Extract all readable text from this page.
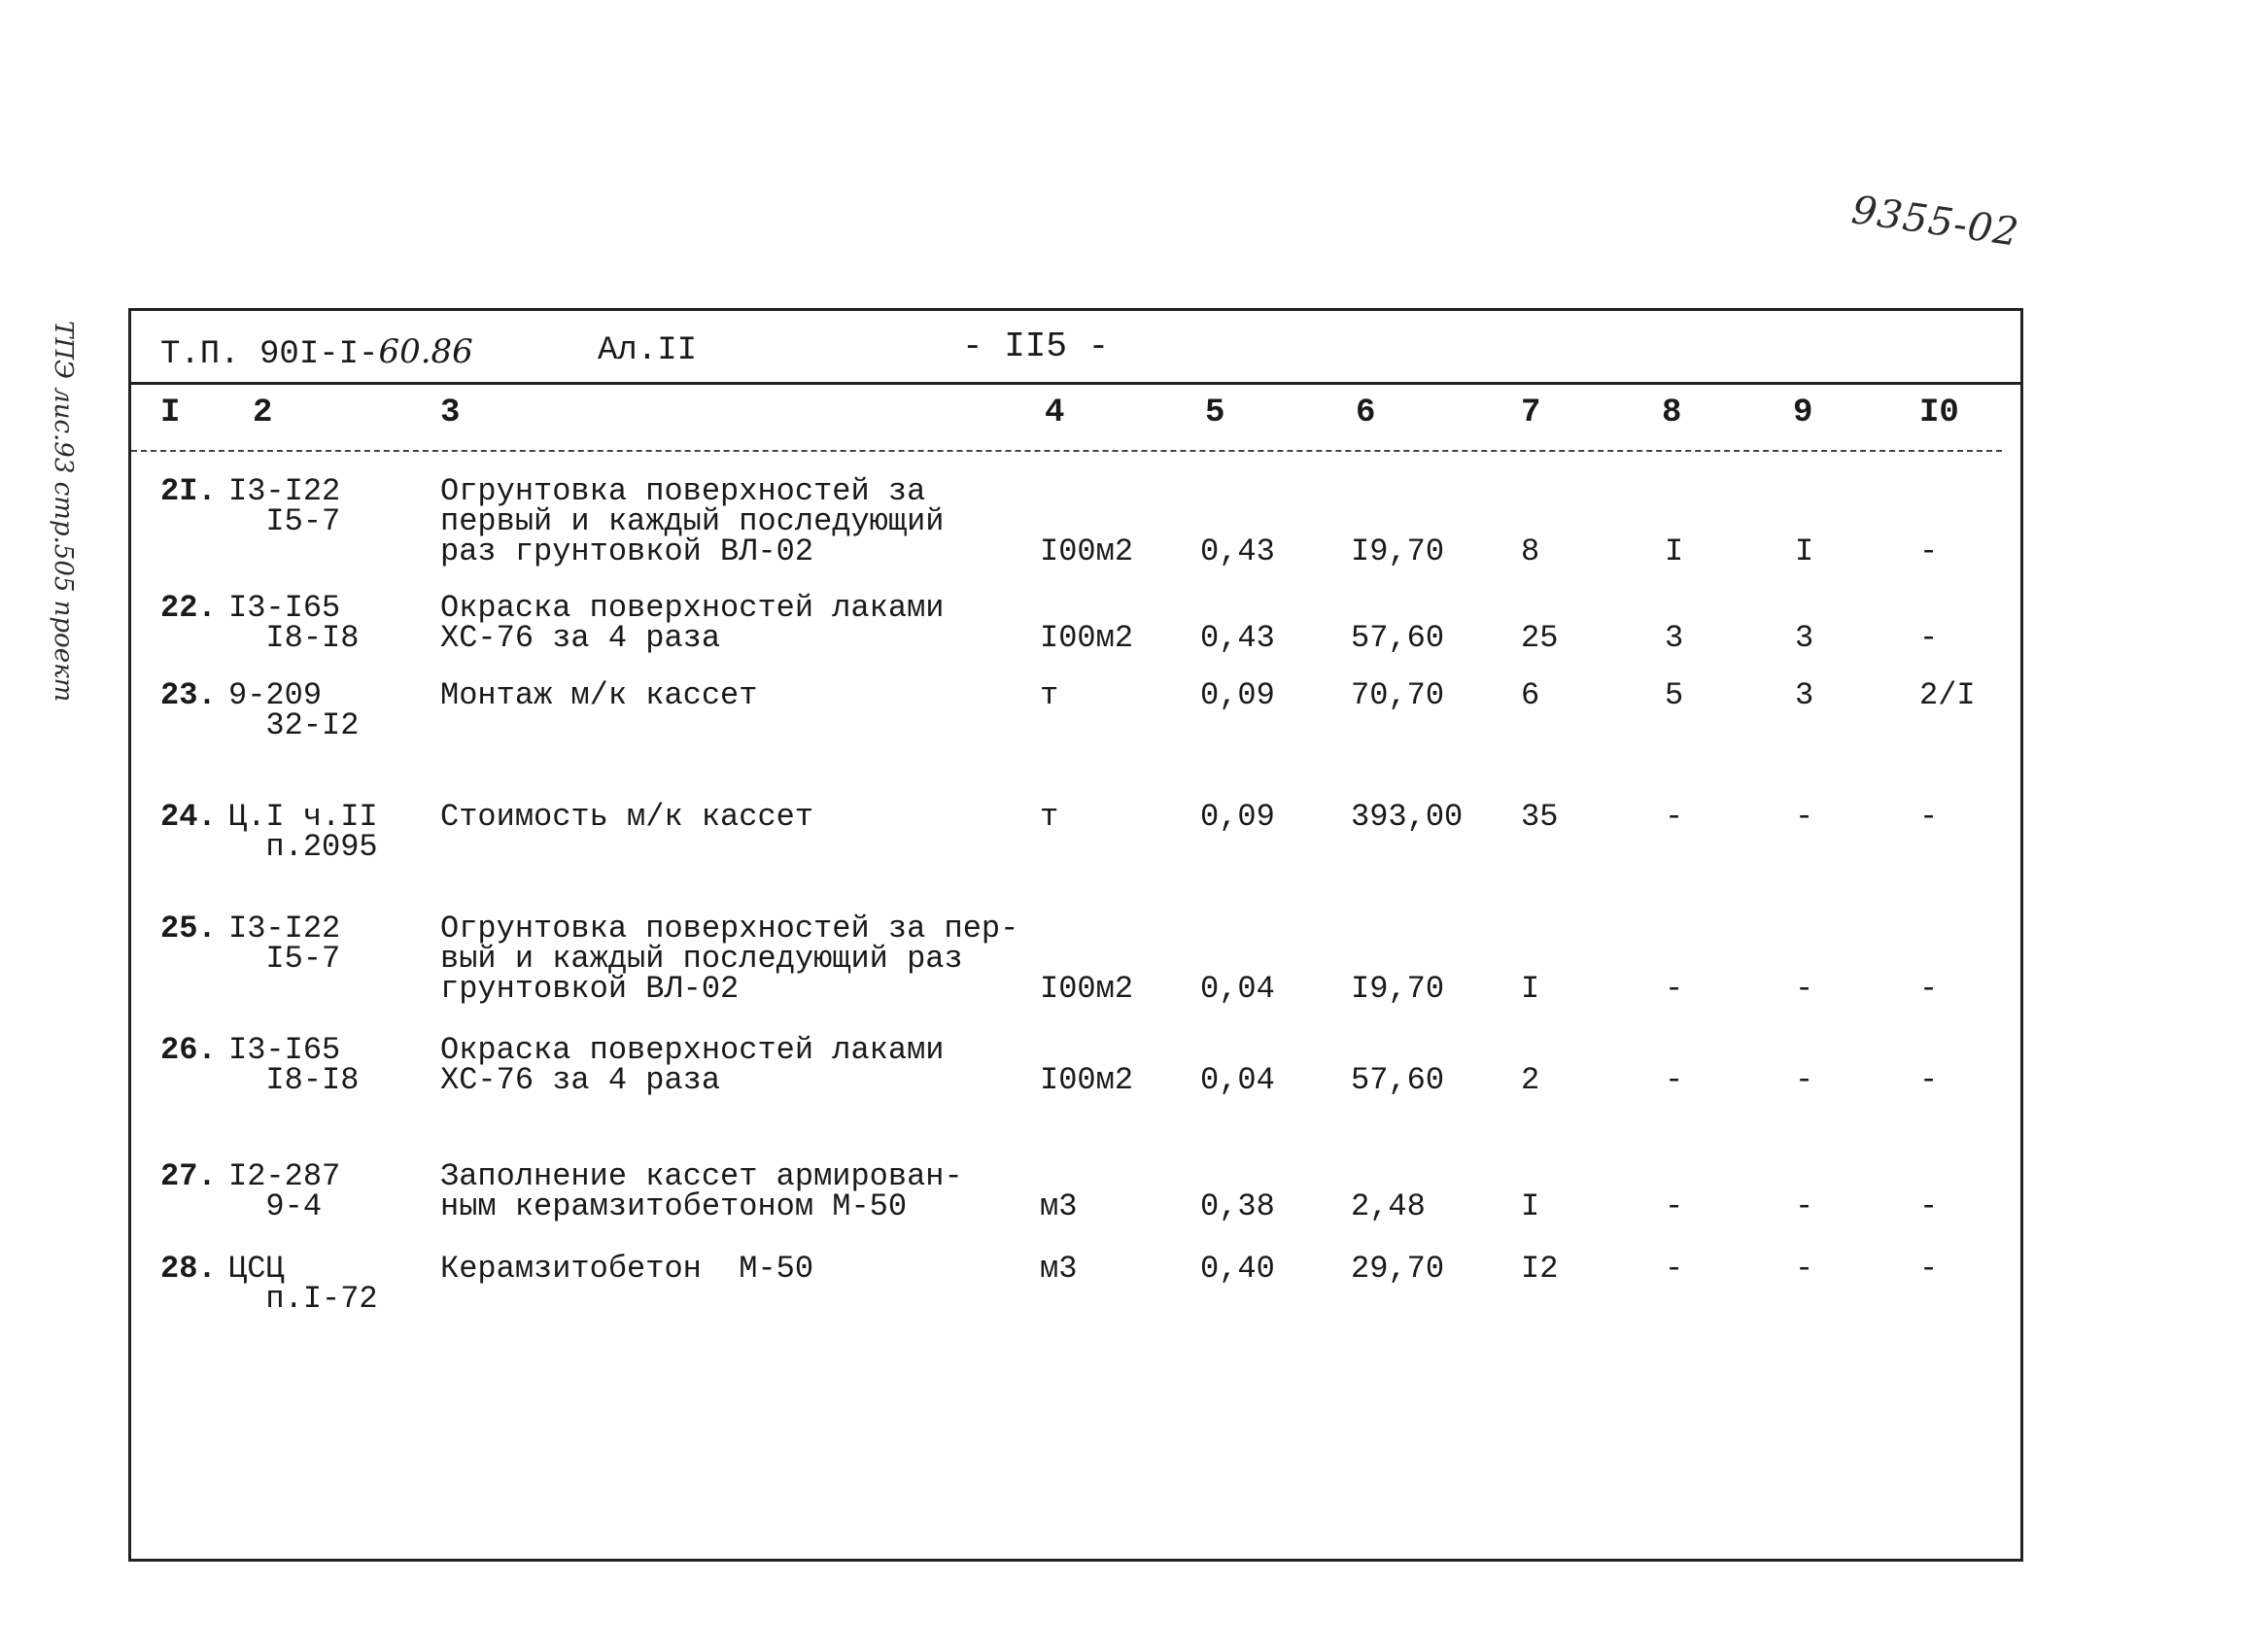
9355-02
ТПЭ лис.93 стр.505 проект	Т.П. 90I-I-60.86	Ал.II	- II5 -
I 2	3	4	5	6	7	8	9	I0
2I. I3-I22
I5-7
Огрунтовка поверхностей за
первый и каждый последующий
раз грунтовкой ВЛ-02	I00м2 0,43 I9,70 8	I	I	-
22. I3-I65
I8-I8
Окраска поверхностей лаками
ХС-76 за 4 раза	I00м2 0,43 57,60 25	3	3	-
23. 9-209
32-I2
Монтаж м/к кассет	т	0,09 70,70 6	5	3	2/I
24. Ц.I ч.II
п.2095
Стоимость м/к кассет	т	0,09 393,00 35	-	-	-
25. I3-I22
I5-7
Огрунтовка поверхностей за пер-
вый и каждый последующий раз
грунтовкой ВЛ-02	I00м2 0,04 I9,70 I	-	-	-
26. I3-I65
I8-I8
Окраска поверхностей лаками
ХС-76 за 4 раза	I00м2 0,04 57,60 2	-	-	-
27. I2-287
9-4
Заполнение кассет армирован-
ным керамзитобетоном М-50	м3	0,38 2,48	I	-	-	-
28. ЦСЦ
п.I-72
Керамзитобетон  М-50	м3	0,40 29,70 I2	-	-	-
